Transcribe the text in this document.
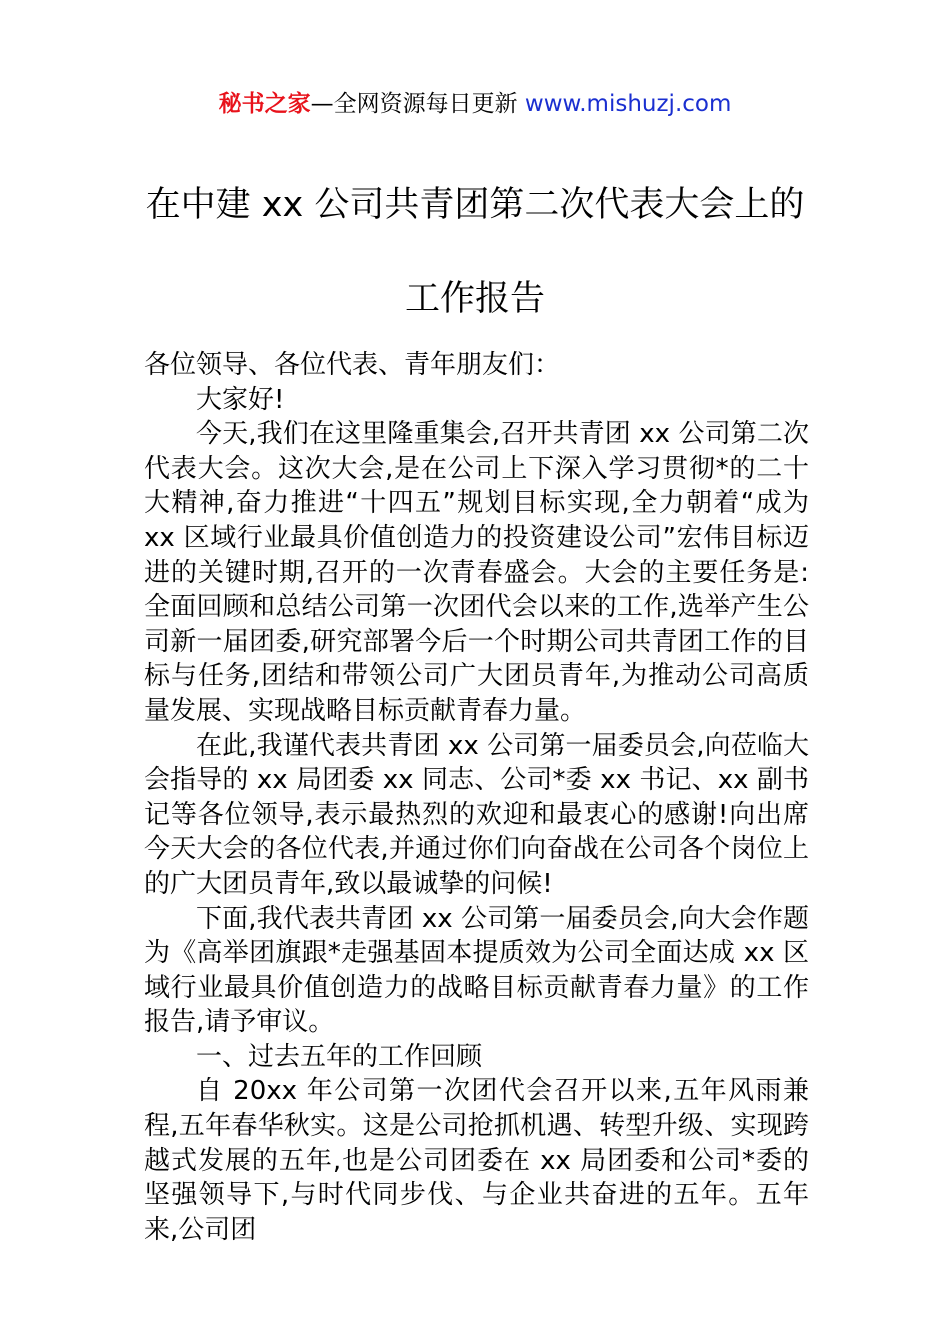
秘书之家—全网资源每日更新 www.mishuzj.com
在中建 xx 公司共青团第二次代表大会上的
工作报告

各位领导、各位代表、青年朋友们：

大家好!

今天,我们在这里隆重集会,召开共青团 xx 公司第二次代表大会。这次大会,是在公司上下深入学习贯彻*的二十大精神,奋力推进“十四五”规划目标实现,全力朝着“成为 xx 区域行业最具价值创造力的投资建设公司”宏伟目标迈进的关键时期,召开的一次青春盛会。大会的主要任务是:全面回顾和总结公司第一次团代会以来的工作,选举产生公司新一届团委,研究部署今后一个时期公司共青团工作的目标与任务,团结和带领公司广大团员青年,为推动公司高质量发展、实现战略目标贡献青春力量。

在此,我谨代表共青团 xx 公司第一届委员会,向莅临大会指导的 xx 局团委 xx 同志、公司*委 xx 书记、xx 副书记等各位领导,表示最热烈的欢迎和最衷心的感谢!向出席今天大会的各位代表,并通过你们向奋战在公司各个岗位上的广大团员青年,致以最诚挚的问候!

下面,我代表共青团 xx 公司第一届委员会,向大会作题为《高举团旗跟*走强基固本提质效为公司全面达成 xx 区域行业最具价值创造力的战略目标贡献青春力量》的工作报告,请予审议。

一、过去五年的工作回顾

自 20xx 年公司第一次团代会召开以来,五年风雨兼程,五年春华秋实。这是公司抢抓机遇、转型升级、实现跨越式发展的五年,也是公司团委在 xx 局团委和公司*委的坚强领导下,与时代同步伐、与企业共奋进的五年。五年来,公司团
